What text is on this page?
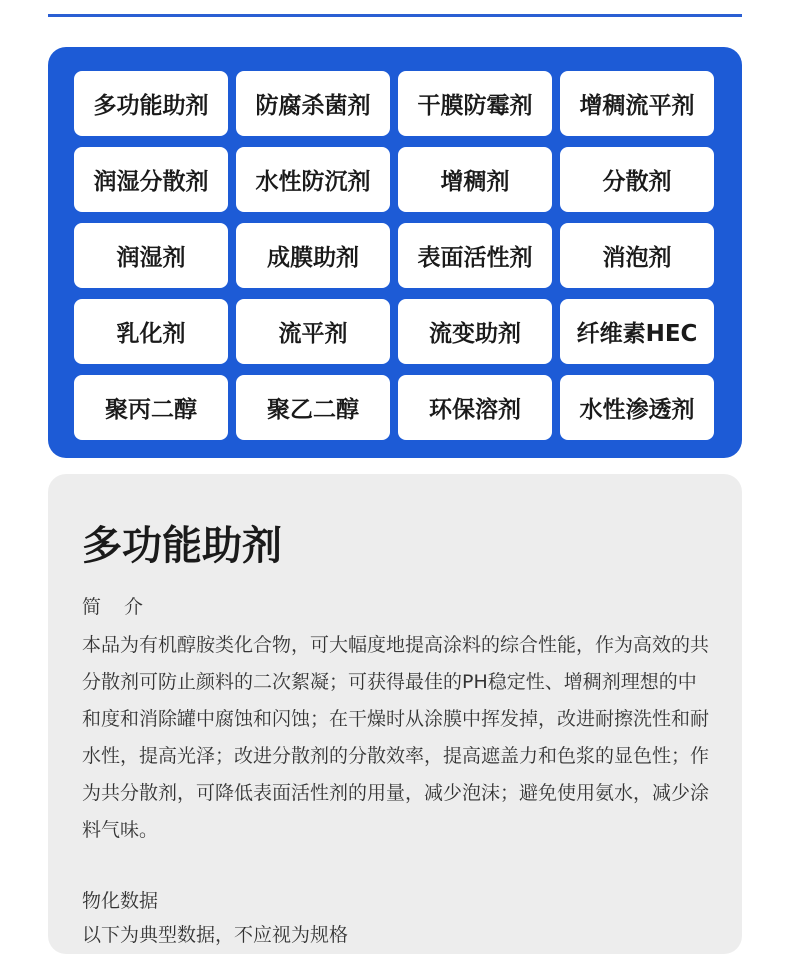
多功能助剂	防腐杀菌剂	干膜防霉剂	增稠流平剂
润湿分散剂	水性防沉剂	增稠剂	分散剂
润湿剂	成膜助剂	表面活性剂	消泡剂
乳化剂	流平剂	流变助剂	纤维素HEC
聚丙二醇	聚乙二醇	环保溶剂	水性渗透剂
多功能助剂
简　介

本品为有机醇胺类化合物，可大幅度地提高涂料的综合性能，作为高效的共分散剂可防止颜料的二次絮凝；可获得最佳的PH稳定性、增稠剂理想的中和度和消除罐中腐蚀和闪蚀；在干燥时从涂膜中挥发掉，改进耐擦洗性和耐水性，提高光泽；改进分散剂的分散效率，提高遮盖力和色浆的显色性；作为共分散剂，可降低表面活性剂的用量，减少泡沫；避免使用氨水，减少涂料气味。

物化数据
以下为典型数据，不应视为规格
